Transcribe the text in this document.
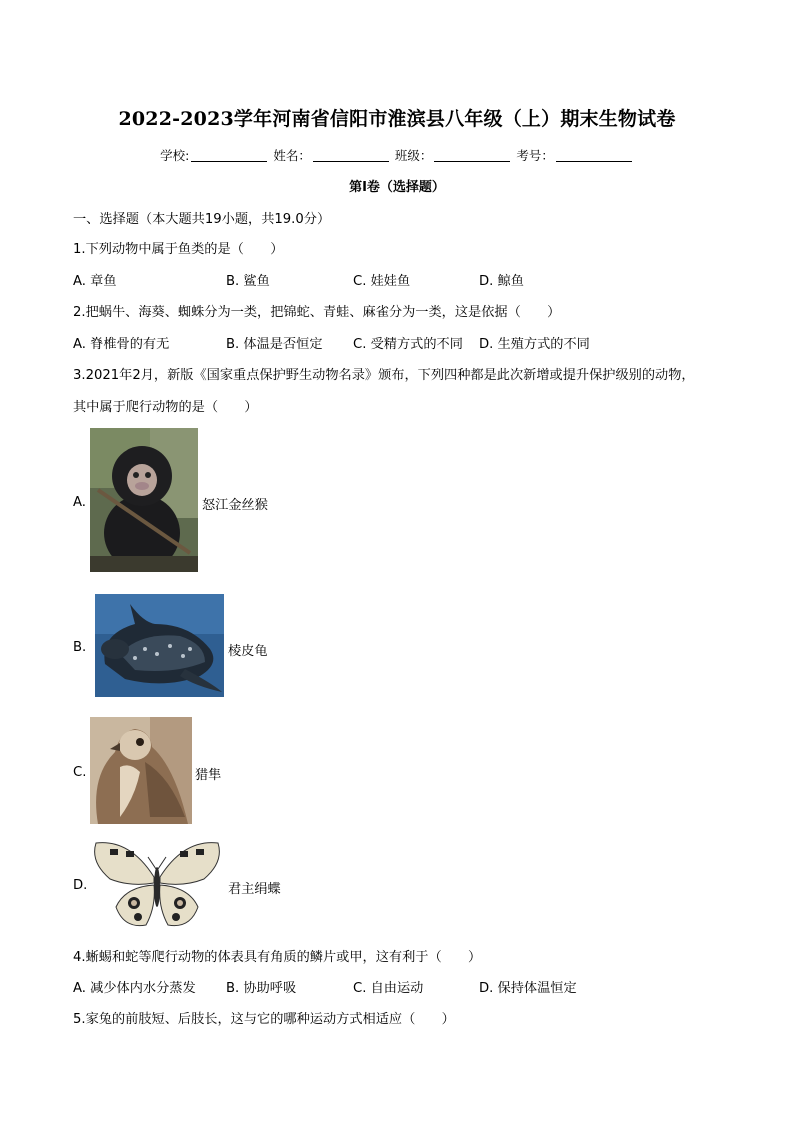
2022-2023学年河南省信阳市淮滨县八年级（上）期末生物试卷
学校:	姓名：	班级：	考号：
第I卷（选择题）
一、选择题（本大题共19小题，共19.0分）
1.下列动物中属于鱼类的是（　　）
A. 章鱼	B. 鲨鱼	C. 娃娃鱼	D. 鲸鱼
2.把蜗牛、海葵、蜘蛛分为一类，把锦蛇、青蛙、麻雀分为一类，这是依据（　　）
A. 脊椎骨的有无	B. 体温是否恒定 C. 受精方式的不同 D. 生殖方式的不同
3.2021年2月，新版《国家重点保护野生动物名录》颁布，下列四种都是此次新增或提升保护级别的动物，
其中属于爬行动物的是（　　）
A.	怒江金丝猴
B.	棱皮龟
C.	猎隼
D.	君主绢蝶
4.蜥蜴和蛇等爬行动物的体表具有角质的鳞片或甲，这有利于（　　）
A. 减少体内水分蒸发 B. 协助呼吸	C. 自由运动	D. 保持体温恒定
5.家兔的前肢短、后肢长，这与它的哪种运动方式相适应（　　）
